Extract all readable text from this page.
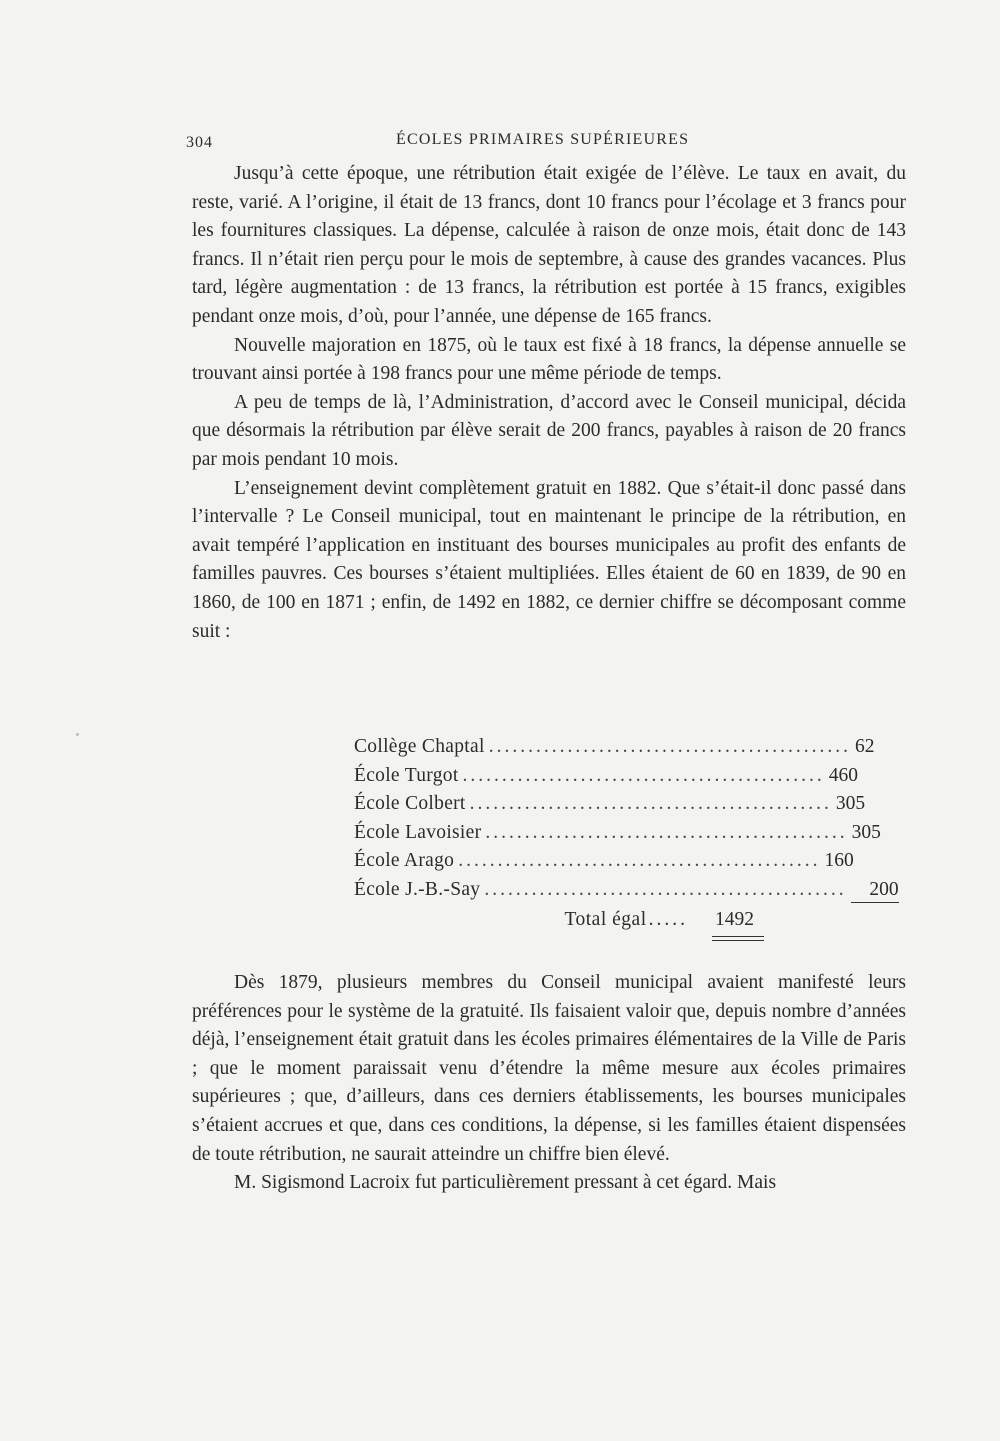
304	ÉCOLES PRIMAIRES SUPÉRIEURES

Jusqu’à cette époque, une rétribution était exigée de l’élève. Le taux en avait, du reste, varié. A l’origine, il était de 13 francs, dont 10 francs pour l’écolage et 3 francs pour les fournitures classiques. La dépense, calculée à raison de onze mois, était donc de 143 francs. Il n’était rien perçu pour le mois de septembre, à cause des grandes vacances. Plus tard, légère augmentation : de 13 francs, la rétribution est portée à 15 francs, exigibles pendant onze mois, d’où, pour l’année, une dépense de 165 francs.

Nouvelle majoration en 1875, où le taux est fixé à 18 francs, la dépense annuelle se trouvant ainsi portée à 198 francs pour une même période de temps.

A peu de temps de là, l’Administration, d’accord avec le Conseil municipal, décida que désormais la rétribution par élève serait de 200 francs, payables à raison de 20 francs par mois pendant 10 mois.

L’enseignement devint complètement gratuit en 1882. Que s’était-il donc passé dans l’intervalle ? Le Conseil municipal, tout en maintenant le principe de la rétribution, en avait tempéré l’application en instituant des bourses municipales au profit des enfants de familles pauvres. Ces bourses s’étaient multipliées. Elles étaient de 60 en 1839, de 90 en 1860, de 100 en 1871 ; enfin, de 1492 en 1882, ce dernier chiffre se décomposant comme suit :

Collège Chaptal .............................................. 62
École Turgot .............................................. 460
École Colbert .............................................. 305
École Lavoisier .............................................. 305
École Arago .............................................. 160
École J.-B.-Say ..............................................	200
Total égal .....	1492

Dès 1879, plusieurs membres du Conseil municipal avaient manifesté leurs préférences pour le système de la gratuité. Ils faisaient valoir que, depuis nombre d’années déjà, l’enseignement était gratuit dans les écoles primaires élémentaires de la Ville de Paris ; que le moment paraissait venu d’étendre la même mesure aux écoles primaires supérieures ; que, d’ailleurs, dans ces derniers établissements, les bourses municipales s’étaient accrues et que, dans ces conditions, la dépense, si les familles étaient dispensées de toute rétribution, ne saurait atteindre un chiffre bien élevé.

M. Sigismond Lacroix fut particulièrement pressant à cet égard. Mais
